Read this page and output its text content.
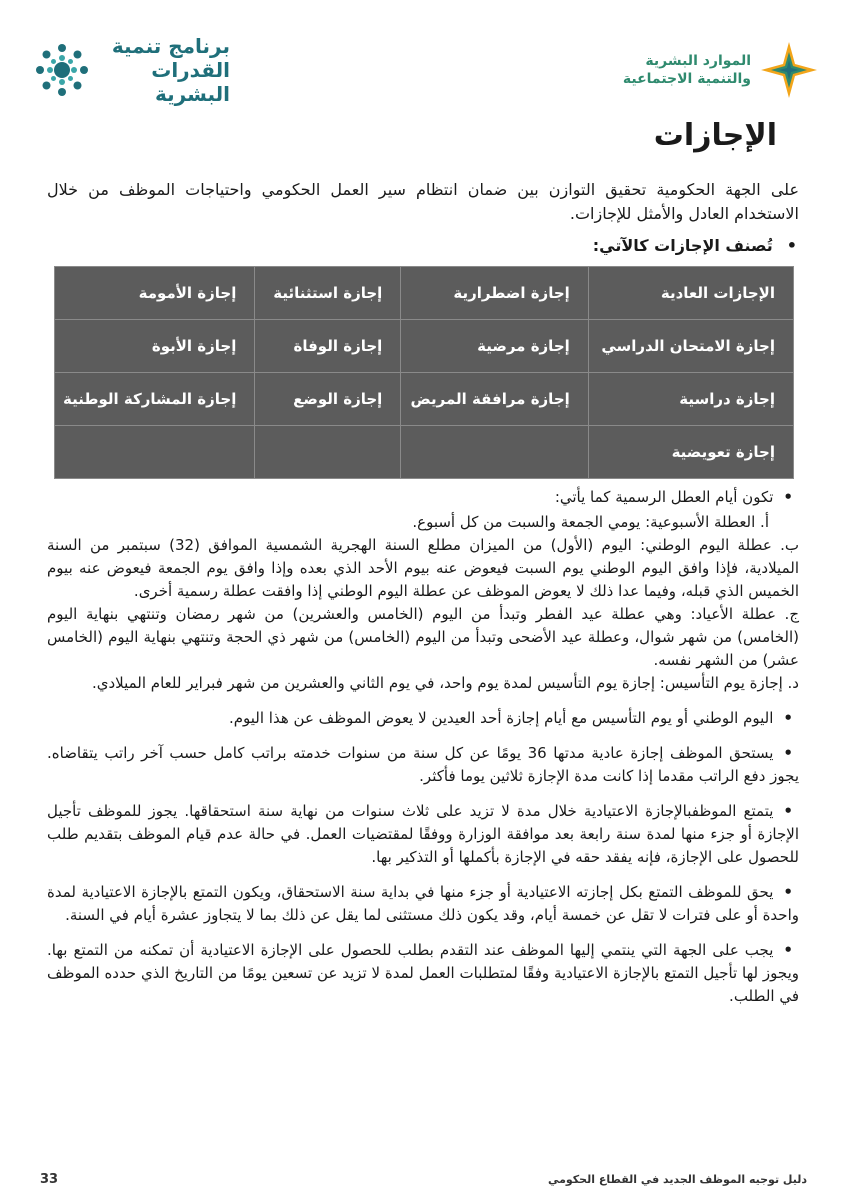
برنامج تنمية
القدرات البشرية
الموارد البشرية
والتنمية الاجتماعية
الإجازات

على الجهة الحكومية تحقيق التوازن بين ضمان انتظام سير العمل الحكومي واحتياجات الموظف من خلال الاستخدام العادل والأمثل للإجازات.

•تُصنف الإجازات كالآتي:

الإجازات العادية	إجازة اضطرارية	إجازة استثنائية	إجازة الأمومة
إجازة الامتحان الدراسي	إجازة مرضية	إجازة الوفاة	إجازة الأبوة
إجازة دراسية	إجازة مرافقة المريض	إجازة الوضع	إجازة المشاركة الوطنية
إجازة تعويضية			

•تكون أيام العطل الرسمية كما يأتي:

أ. العطلة الأسبوعية: يومي الجمعة والسبت من كل أسبوع.

ب. عطلة اليوم الوطني: اليوم (الأول) من الميزان مطلع السنة الهجرية الشمسية الموافق (32) سبتمبر من السنة الميلادية، فإذا وافق اليوم الوطني يوم السبت فيعوض عنه بيوم الأحد الذي بعده وإذا وافق يوم الجمعة فيعوض عنه بيوم الخميس الذي قبله، وفيما عدا ذلك لا يعوض الموظف عن عطلة اليوم الوطني إذا وافقت عطلة رسمية أخرى.

ج. عطلة الأعياد: وهي عطلة عيد الفطر وتبدأ من اليوم (الخامس والعشرين) من شهر رمضان وتنتهي بنهاية اليوم (الخامس) من شهر شوال، وعطلة عيد الأضحى وتبدأ من اليوم (الخامس) من شهر ذي الحجة وتنتهي بنهاية اليوم (الخامس عشر) من الشهر نفسه.

د. إجازة يوم التأسيس: إجازة يوم التأسيس لمدة يوم واحد، في يوم الثاني والعشرين من شهر فبراير للعام الميلادي.

•اليوم الوطني أو يوم التأسيس مع أيام إجازة أحد العيدين لا يعوض الموظف عن هذا اليوم.

•يستحق الموظف إجازة عادية مدتها 36 يومًا عن كل سنة من سنوات خدمته براتب كامل حسب آخر راتب يتقاضاه. يجوز دفع الراتب مقدما إذا كانت مدة الإجازة ثلاثين يوما فأكثر.

•يتمتع الموظفبالإجازة الاعتيادية خلال مدة لا تزيد على ثلاث سنوات من نهاية سنة استحقاقها. يجوز للموظف تأجيل الإجازة أو جزء منها لمدة سنة رابعة بعد موافقة الوزارة ووفقًا لمقتضيات العمل. في حالة عدم قيام الموظف بتقديم طلب للحصول على الإجازة، فإنه يفقد حقه في الإجازة بأكملها أو التذكير بها.

•يحق للموظف التمتع بكل إجازته الاعتيادية أو جزء منها في بداية سنة الاستحقاق، ويكون التمتع بالإجازة الاعتيادية لمدة واحدة أو على فترات لا تقل عن خمسة أيام، وقد يكون ذلك مستثنى لما يقل عن ذلك بما لا يتجاوز عشرة أيام في السنة.

•يجب على الجهة التي ينتمي إليها الموظف عند التقدم بطلب للحصول على الإجازة الاعتيادية أن تمكنه من التمتع بها. ويجوز لها تأجيل التمتع بالإجازة الاعتيادية وفقًا لمتطلبات العمل لمدة لا تزيد عن تسعين يومًا من التاريخ الذي حدده الموظف في الطلب.

33	دليل توجيه الموظف الجديد في القطاع الحكومي
